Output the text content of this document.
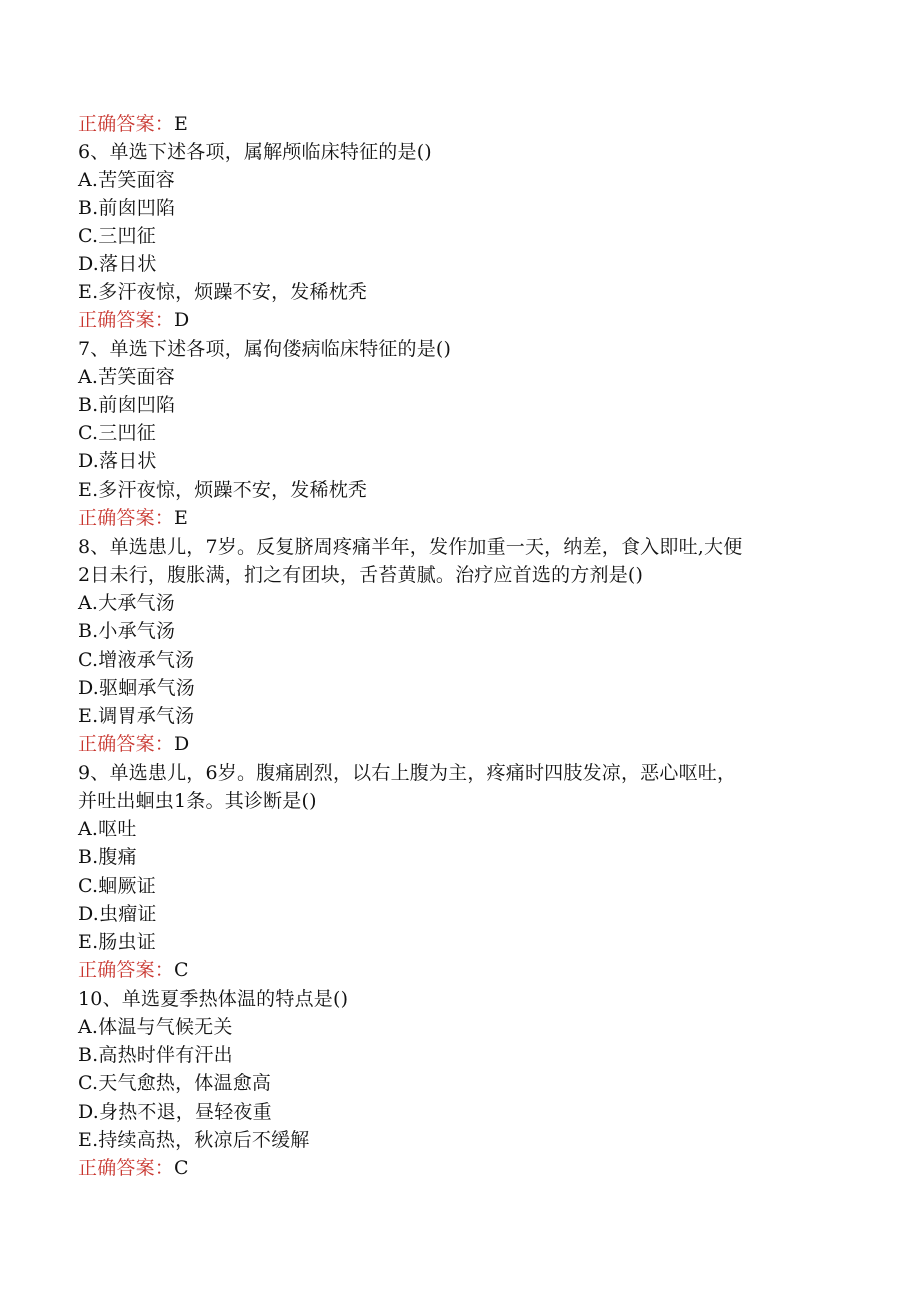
正确答案：E
6、单选下述各项，属解颅临床特征的是()
A.苦笑面容
B.前囱凹陷
C.三凹征
D.落日状
E.多汗夜惊，烦躁不安，发稀枕秃
正确答案：D
7、单选下述各项，属佝偻病临床特征的是()
A.苦笑面容
B.前囱凹陷
C.三凹征
D.落日状
E.多汗夜惊，烦躁不安，发稀枕秃
正确答案：E
8、单选患儿，7岁。反复脐周疼痛半年，发作加重一天，纳差，食入即吐,大便
2日未行，腹胀满，扪之有团块，舌苔黄腻。治疗应首选的方剂是()
A.大承气汤
B.小承气汤
C.增液承气汤
D.驱蛔承气汤
E.调胃承气汤
正确答案：D
9、单选患儿，6岁。腹痛剧烈，以右上腹为主，疼痛时四肢发凉，恶心呕吐，
并吐出蛔虫1条。其诊断是()
A.呕吐
B.腹痛
C.蛔厥证
D.虫瘤证
E.肠虫证
正确答案：C
10、单选夏季热体温的特点是()
A.体温与气候无关
B.高热时伴有汗出
C.天气愈热，体温愈高
D.身热不退，昼轻夜重
E.持续高热，秋凉后不缓解
正确答案：C
